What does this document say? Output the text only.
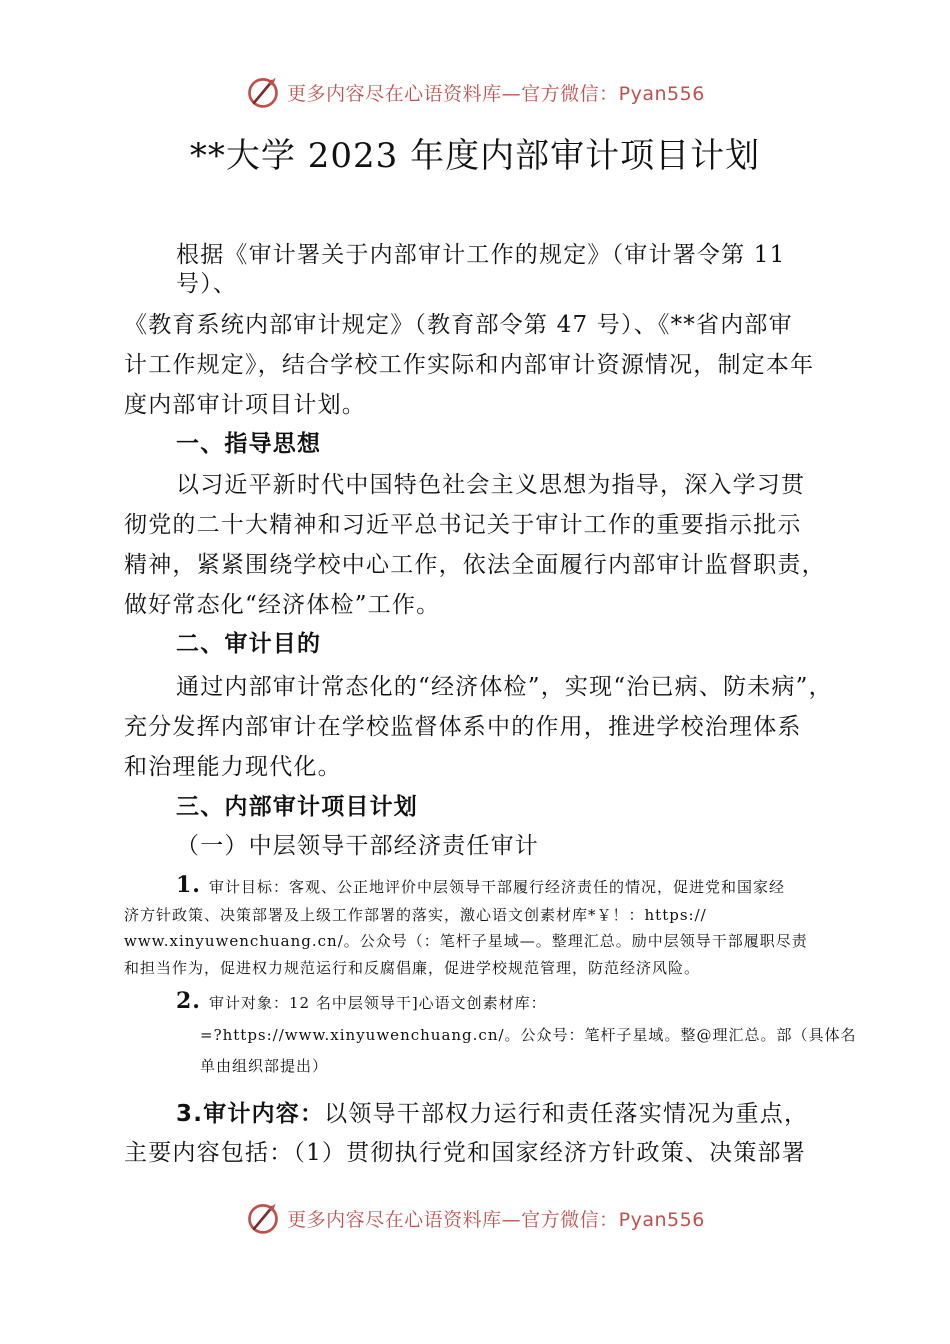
更多内容尽在心语资料库—官方微信：Pyan556
**大学 2023 年度内部审计项目计划
根据《审计署关于内部审计工作的规定》（审计署令第 11
号）、
《教育系统内部审计规定》（教育部令第 47 号）、《**省内部审
计工作规定》，结合学校工作实际和内部审计资源情况，制定本年
度内部审计项目计划。
一、指导思想
以习近平新时代中国特色社会主义思想为指导，深入学习贯
彻党的二十大精神和习近平总书记关于审计工作的重要指示批示
精神，紧紧围绕学校中心工作，依法全面履行内部审计监督职责，
做好常态化“经济体检”工作。
二、审计目的
通过内部审计常态化的“经济体检”，实现“治已病、防未病”，
充分发挥内部审计在学校监督体系中的作用，推进学校治理体系
和治理能力现代化。
三、内部审计项目计划
（一）中层领导干部经济责任审计
1. 审计目标：客观、公正地评价中层领导干部履行经济责任的情况，促进党和国家经
济方针政策、决策部署及上级工作部署的落实，激心语文创素材库*￥！：https://
www.xinyuwenchuang.cn/。公众号（：笔杆子星域—。整理汇总。励中层领导干部履职尽责
和担当作为，促进权力规范运行和反腐倡廉，促进学校规范管理，防范经济风险。
2. 审计对象：12 名中层领导干]心语文创素材库：
=?https://www.xinyuwenchuang.cn/。公众号：笔杆子星域。整@理汇总。部（具体名
单由组织部提出）
3.审计内容：以领导干部权力运行和责任落实情况为重点，
主要内容包括：（1）贯彻执行党和国家经济方针政策、决策部署
更多内容尽在心语资料库—官方微信：Pyan556
